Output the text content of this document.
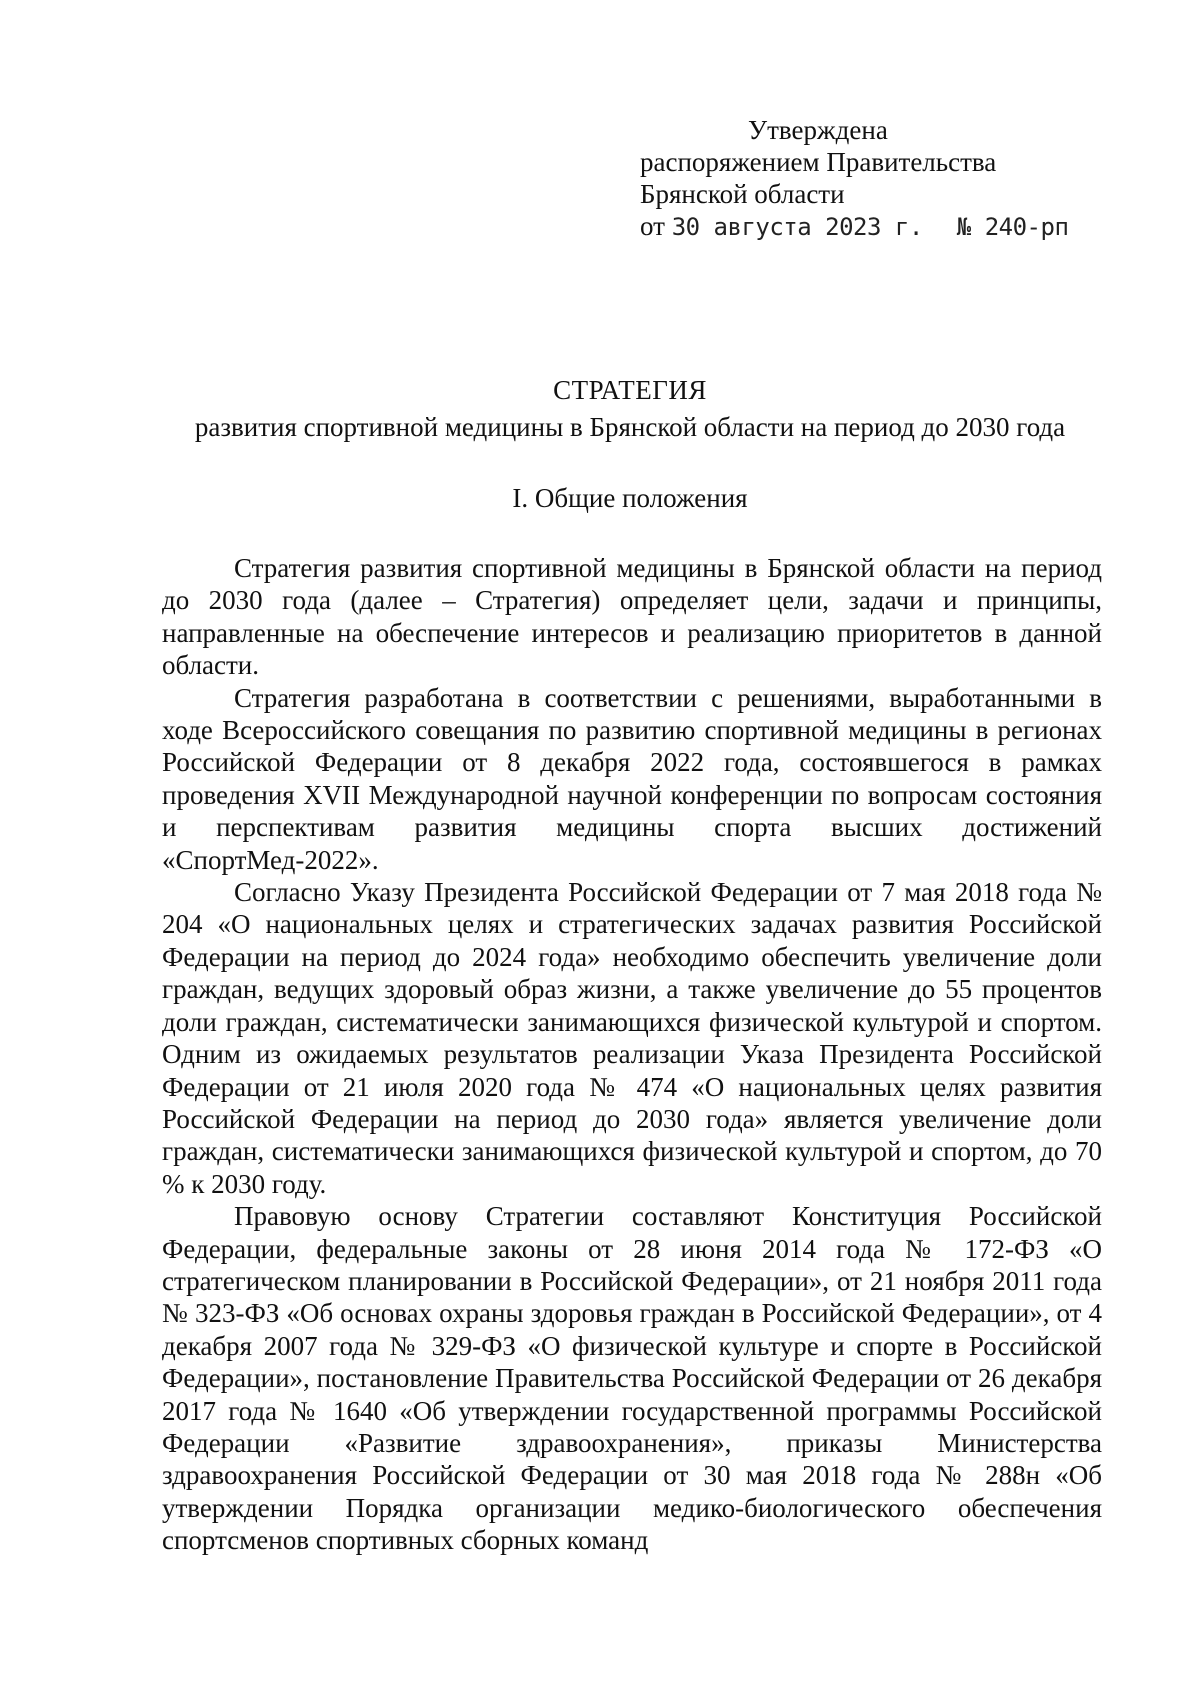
Утверждена
распоряжением Правительства
Брянской области
от 30 августа 2023 г. № 240-рп
СТРАТЕГИЯ
развития спортивной медицины в Брянской области на период до 2030 года
I. Общие положения

Стратегия развития спортивной медицины в Брянской области на период до 2030 года (далее – Стратегия) определяет цели, задачи и принципы, направленные на обеспечение интересов и реализацию приоритетов в данной области.

Стратегия разработана в соответствии с решениями, выработанными в ходе Всероссийского совещания по развитию спортивной медицины в регионах Российской Федерации от 8 декабря 2022 года, состоявшегося в рамках проведения XVII Международной научной конференции по вопросам состояния и перспективам развития медицины спорта высших достижений «СпортМед-2022».

Согласно Указу Президента Российской Федерации от 7 мая 2018 года № 204 «О национальных целях и стратегических задачах развития Российской Федерации на период до 2024 года» необходимо обеспечить увеличение доли граждан, ведущих здоровый образ жизни, а также увеличение до 55 процентов доли граждан, систематически занимающихся физической культурой и спортом. Одним из ожидаемых результатов реализации Указа Президента Российской Федерации от 21 июля 2020 года № 474 «О национальных целях развития Российской Федерации на период до 2030 года» является увеличение доли граждан, систематически занимающихся физической культурой и спортом, до 70 % к 2030 году.

Правовую основу Стратегии составляют Конституция Российской Федерации, федеральные законы от 28 июня 2014 года № 172-ФЗ «О стратегическом планировании в Российской Федерации», от 21 ноября 2011 года № 323-ФЗ «Об основах охраны здоровья граждан в Российской Федерации», от 4 декабря 2007 года № 329-ФЗ «О физической культуре и спорте в Российской Федерации», постановление Правительства Российской Федерации от 26 декабря 2017 года № 1640 «Об утверждении государственной программы Российской Федерации «Развитие здравоохранения», приказы Министерства здравоохранения Российской Федерации от 30 мая 2018 года № 288н «Об утверждении Порядка организации медико-биологического обеспечения спортсменов спортивных сборных команд
